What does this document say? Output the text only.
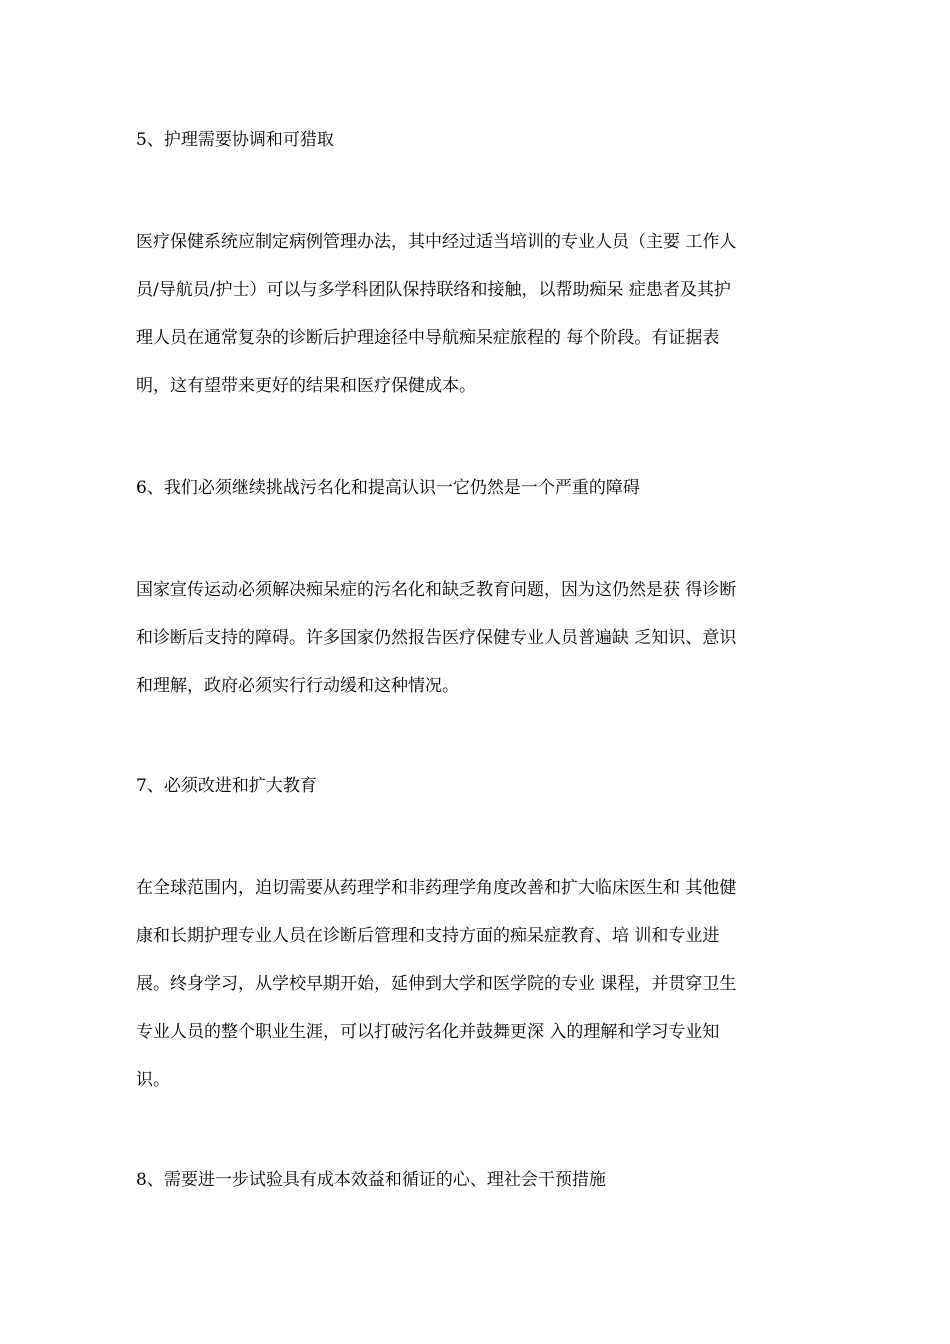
5、护理需要协调和可猎取
医疗保健系统应制定病例管理办法，其中经过适当培训的专业人员（主要 工作人
员/导航员/护士）可以与多学科团队保持联络和接触，以帮助痴呆 症患者及其护
理人员在通常复杂的诊断后护理途径中导航痴呆症旅程的 每个阶段。有证据表
明，这有望带来更好的结果和医疗保健成本。
6、我们必须继续挑战污名化和提高认识一它仍然是一个严重的障碍
国家宣传运动必须解决痴呆症的污名化和缺乏教育问题，因为这仍然是获 得诊断
和诊断后支持的障碍。许多国家仍然报告医疗保健专业人员普遍缺 乏知识、意识
和理解，政府必须实行行动缓和这种情况。
7、必须改进和扩大教育
在全球范围内，迫切需要从药理学和非药理学角度改善和扩大临床医生和 其他健
康和长期护理专业人员在诊断后管理和支持方面的痴呆症教育、培 训和专业进
展。终身学习，从学校早期开始，延伸到大学和医学院的专业 课程，并贯穿卫生
专业人员的整个职业生涯，可以打破污名化并鼓舞更深 入的理解和学习专业知
识。
8、需要进一步试验具有成本效益和循证的心、理社会干预措施
